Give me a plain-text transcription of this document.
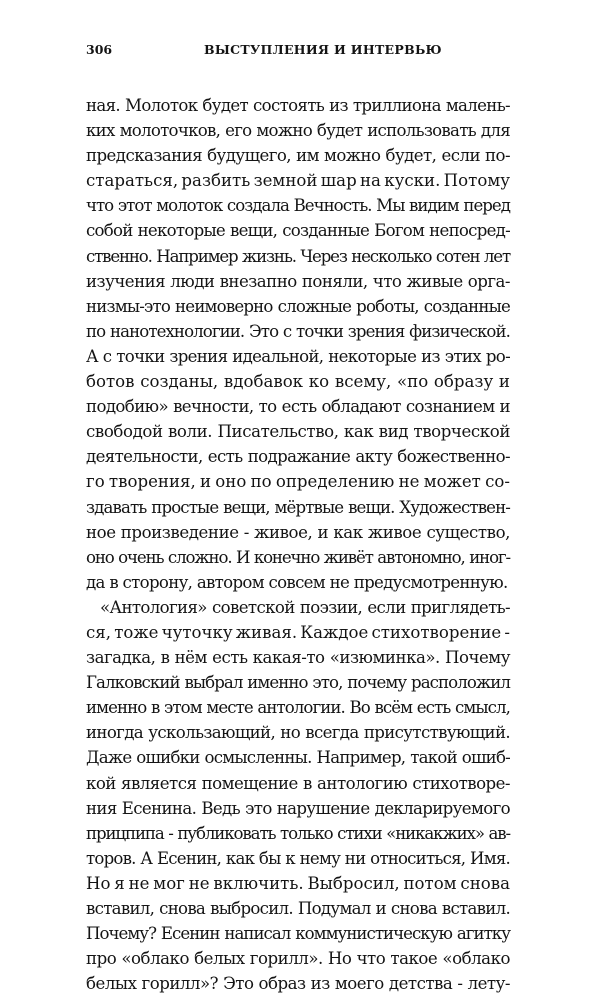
306	ВЫСТУПЛЕНИЯ И ИНТЕРВЬЮ
ная. Молоток будет состоять из триллиона малень-
ких молоточков, его можно будет использовать для
предсказания будущего, им можно будет, если по-
стараться, разбить земной шар на куски. Потому
что этот молоток создала Вечность. Мы видим перед
собой некоторые вещи, созданные Богом непосред-
ственно. Например жизнь. Через несколько сотен лет
изучения люди внезапно поняли, что живые орга-
низмы-это неимоверно сложные роботы, созданные
по нанотехнологии. Это с точки зрения физической.
А с точки зрения идеальной, некоторые из этих ро-
ботов созданы, вдобавок ко всему, «по образу и
подобию» вечности, то есть обладают сознанием и
свободой воли. Писательство, как вид творческой
деятельности, есть подражание акту божественно-
го творения, и оно по определению не может со-
здавать простые вещи, мёртвые вещи. Художествен-
ное произведение - живое, и как живое существо,
оно очень сложно. И конечно живёт автономно, иног-
да в сторону, автором совсем не предусмотренную.
«Антология» советской поэзии, если приглядеть-
ся, тоже чуточку живая. Каждое стихотворение -
загадка, в нём есть какая-то «изюминка». Почему
Галковский выбрал именно это, почему расположил
именно в этом месте антологии. Во всём есть смысл,
иногда ускользающий, но всегда присутствующий.
Даже ошибки осмысленны. Например, такой ошиб-
кой является помещение в антологию стихотворе-
ния Есенина. Ведь это нарушение декларируемого
прицпипа - публиковать только стихи «никакжих» ав-
торов. А Есенин, как бы к нему ни относиться, Имя.
Но я не мог не включить. Выбросил, потом снова
вставил, снова выбросил. Подумал и снова вставил.
Почему? Есенин написал коммунистическую агитку
про «облако белых горилл». Но что такое «облако
белых горилл»? Это образ из моего детства - лету-
